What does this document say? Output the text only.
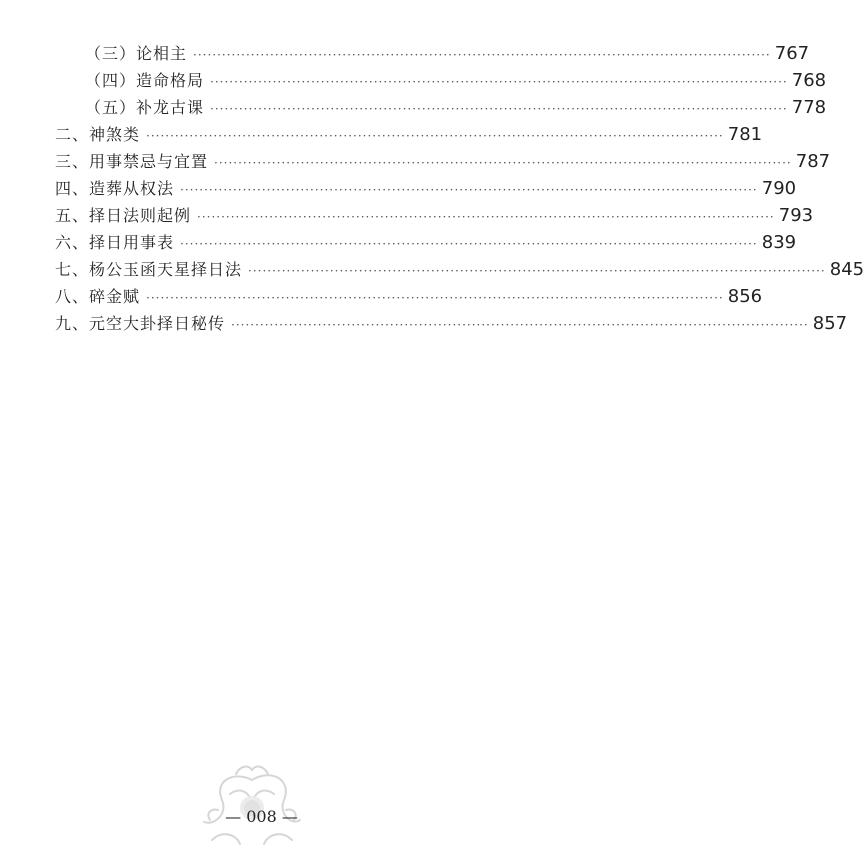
（三）论相主 ························································································································ 767
（四）造命格局 ························································································································ 768
（五）补龙古课 ························································································································ 778
二、神煞类 ························································································································ 781
三、用事禁忌与宜置 ························································································································ 787
四、造葬从权法 ························································································································ 790
五、择日法则起例 ························································································································ 793
六、择日用事表 ························································································································ 839
七、杨公玉函天星择日法 ························································································································ 845
八、碎金赋 ························································································································ 856
九、元空大卦择日秘传 ························································································································ 857
— 008 —
